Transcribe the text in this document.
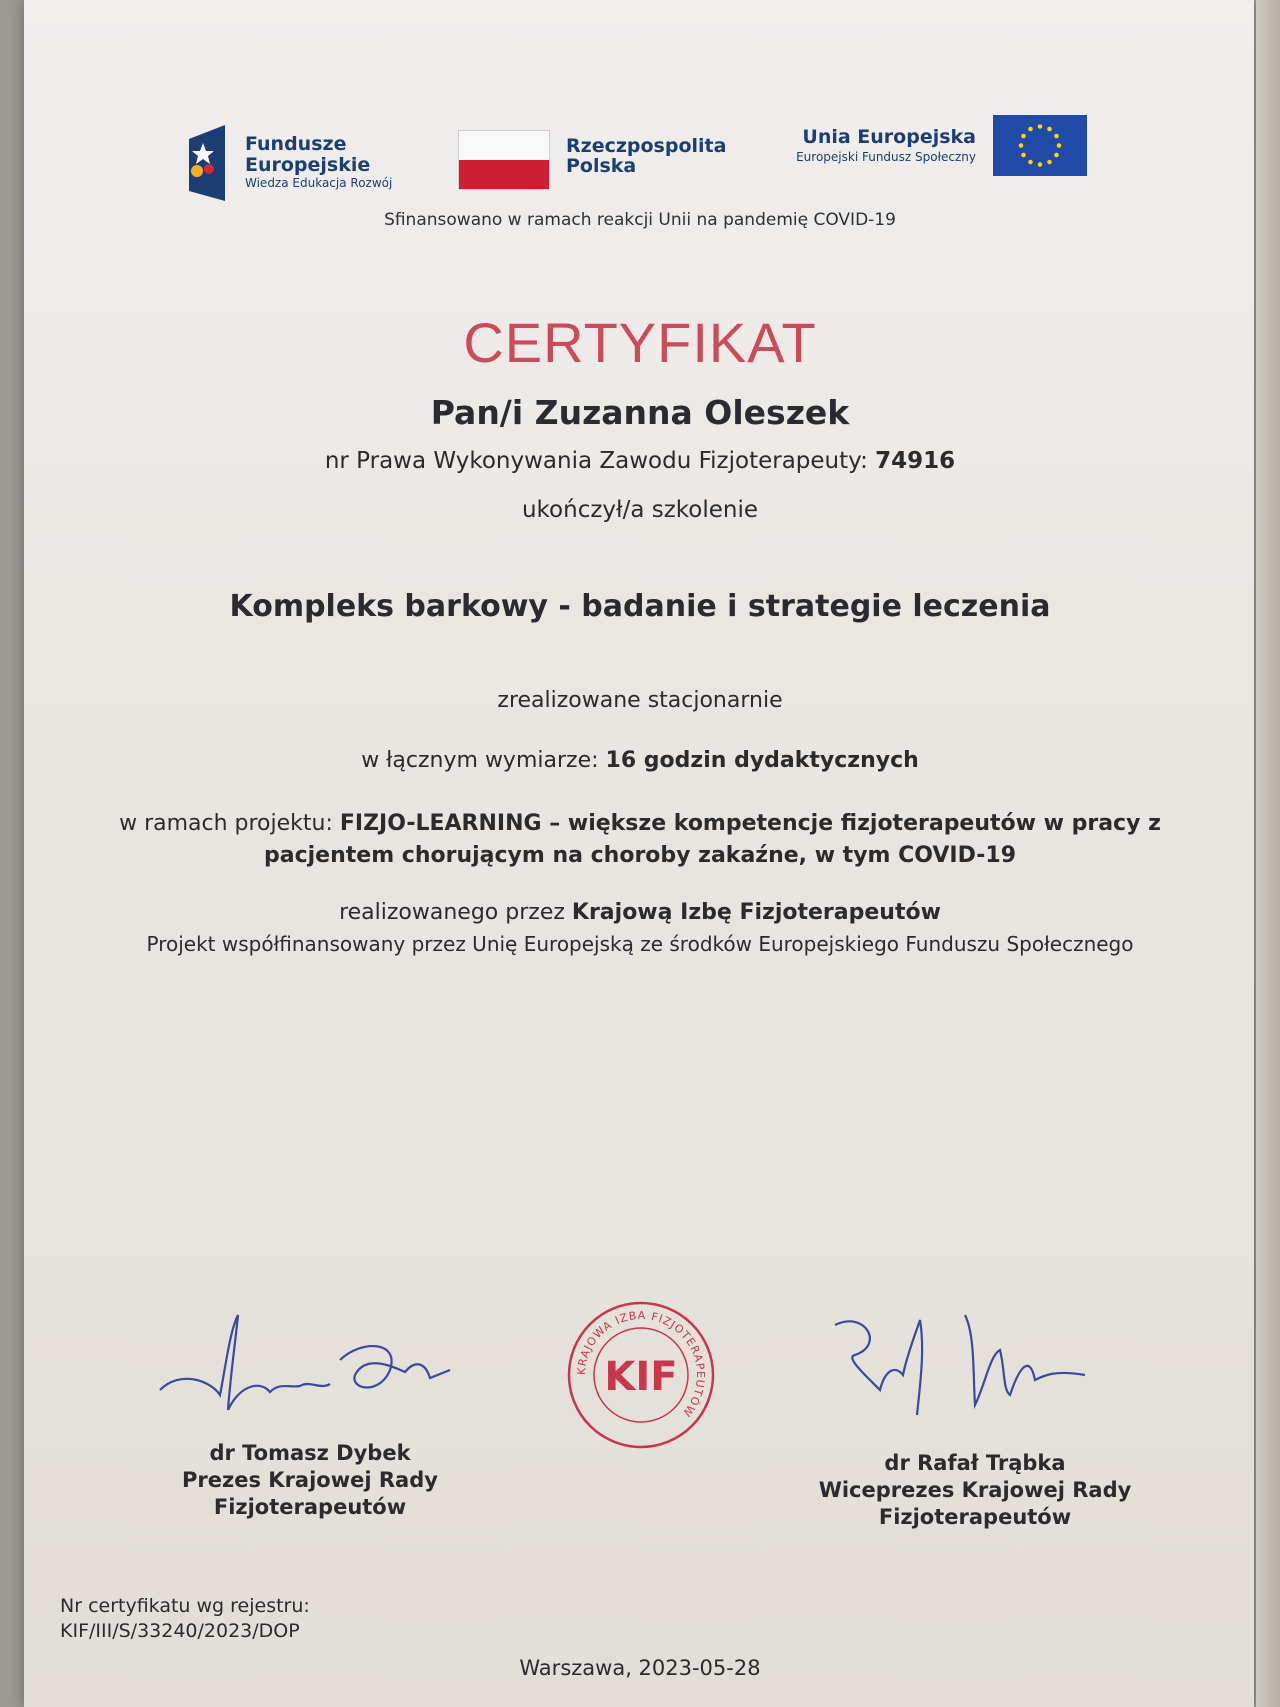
Fundusze
Europejskie
Wiedza Edukacja Rozwój
Rzeczpospolita
Polska
Unia Europejska
Europejski Fundusz Społeczny
Sfinansowano w ramach reakcji Unii na pandemię COVID-19
CERTYFIKAT
Pan/i Zuzanna Oleszek
nr Prawa Wykonywania Zawodu Fizjoterapeuty: 74916
ukończył/a szkolenie
Kompleks barkowy - badanie i strategie leczenia
zrealizowane stacjonarnie
w łącznym wymiarze: 16 godzin dydaktycznych
w ramach projektu: FIZJO-LEARNING – większe kompetencje fizjoterapeutów w pracy z pacjentem chorującym na choroby zakaźne, w tym COVID-19
realizowanego przez Krajową Izbę Fizjoterapeutów
Projekt współfinansowany przez Unię Europejską ze środków Europejskiego Funduszu Społecznego
KRAJOWA IZBA FIZJOTERAPEUTÓW
KIF
dr Tomasz Dybek
Prezes Krajowej Rady
Fizjoterapeutów
dr Rafał Trąbka
Wiceprezes Krajowej Rady
Fizjoterapeutów
Nr certyfikatu wg rejestru:
KIF/III/S/33240/2023/DOP
Warszawa, 2023-05-28
